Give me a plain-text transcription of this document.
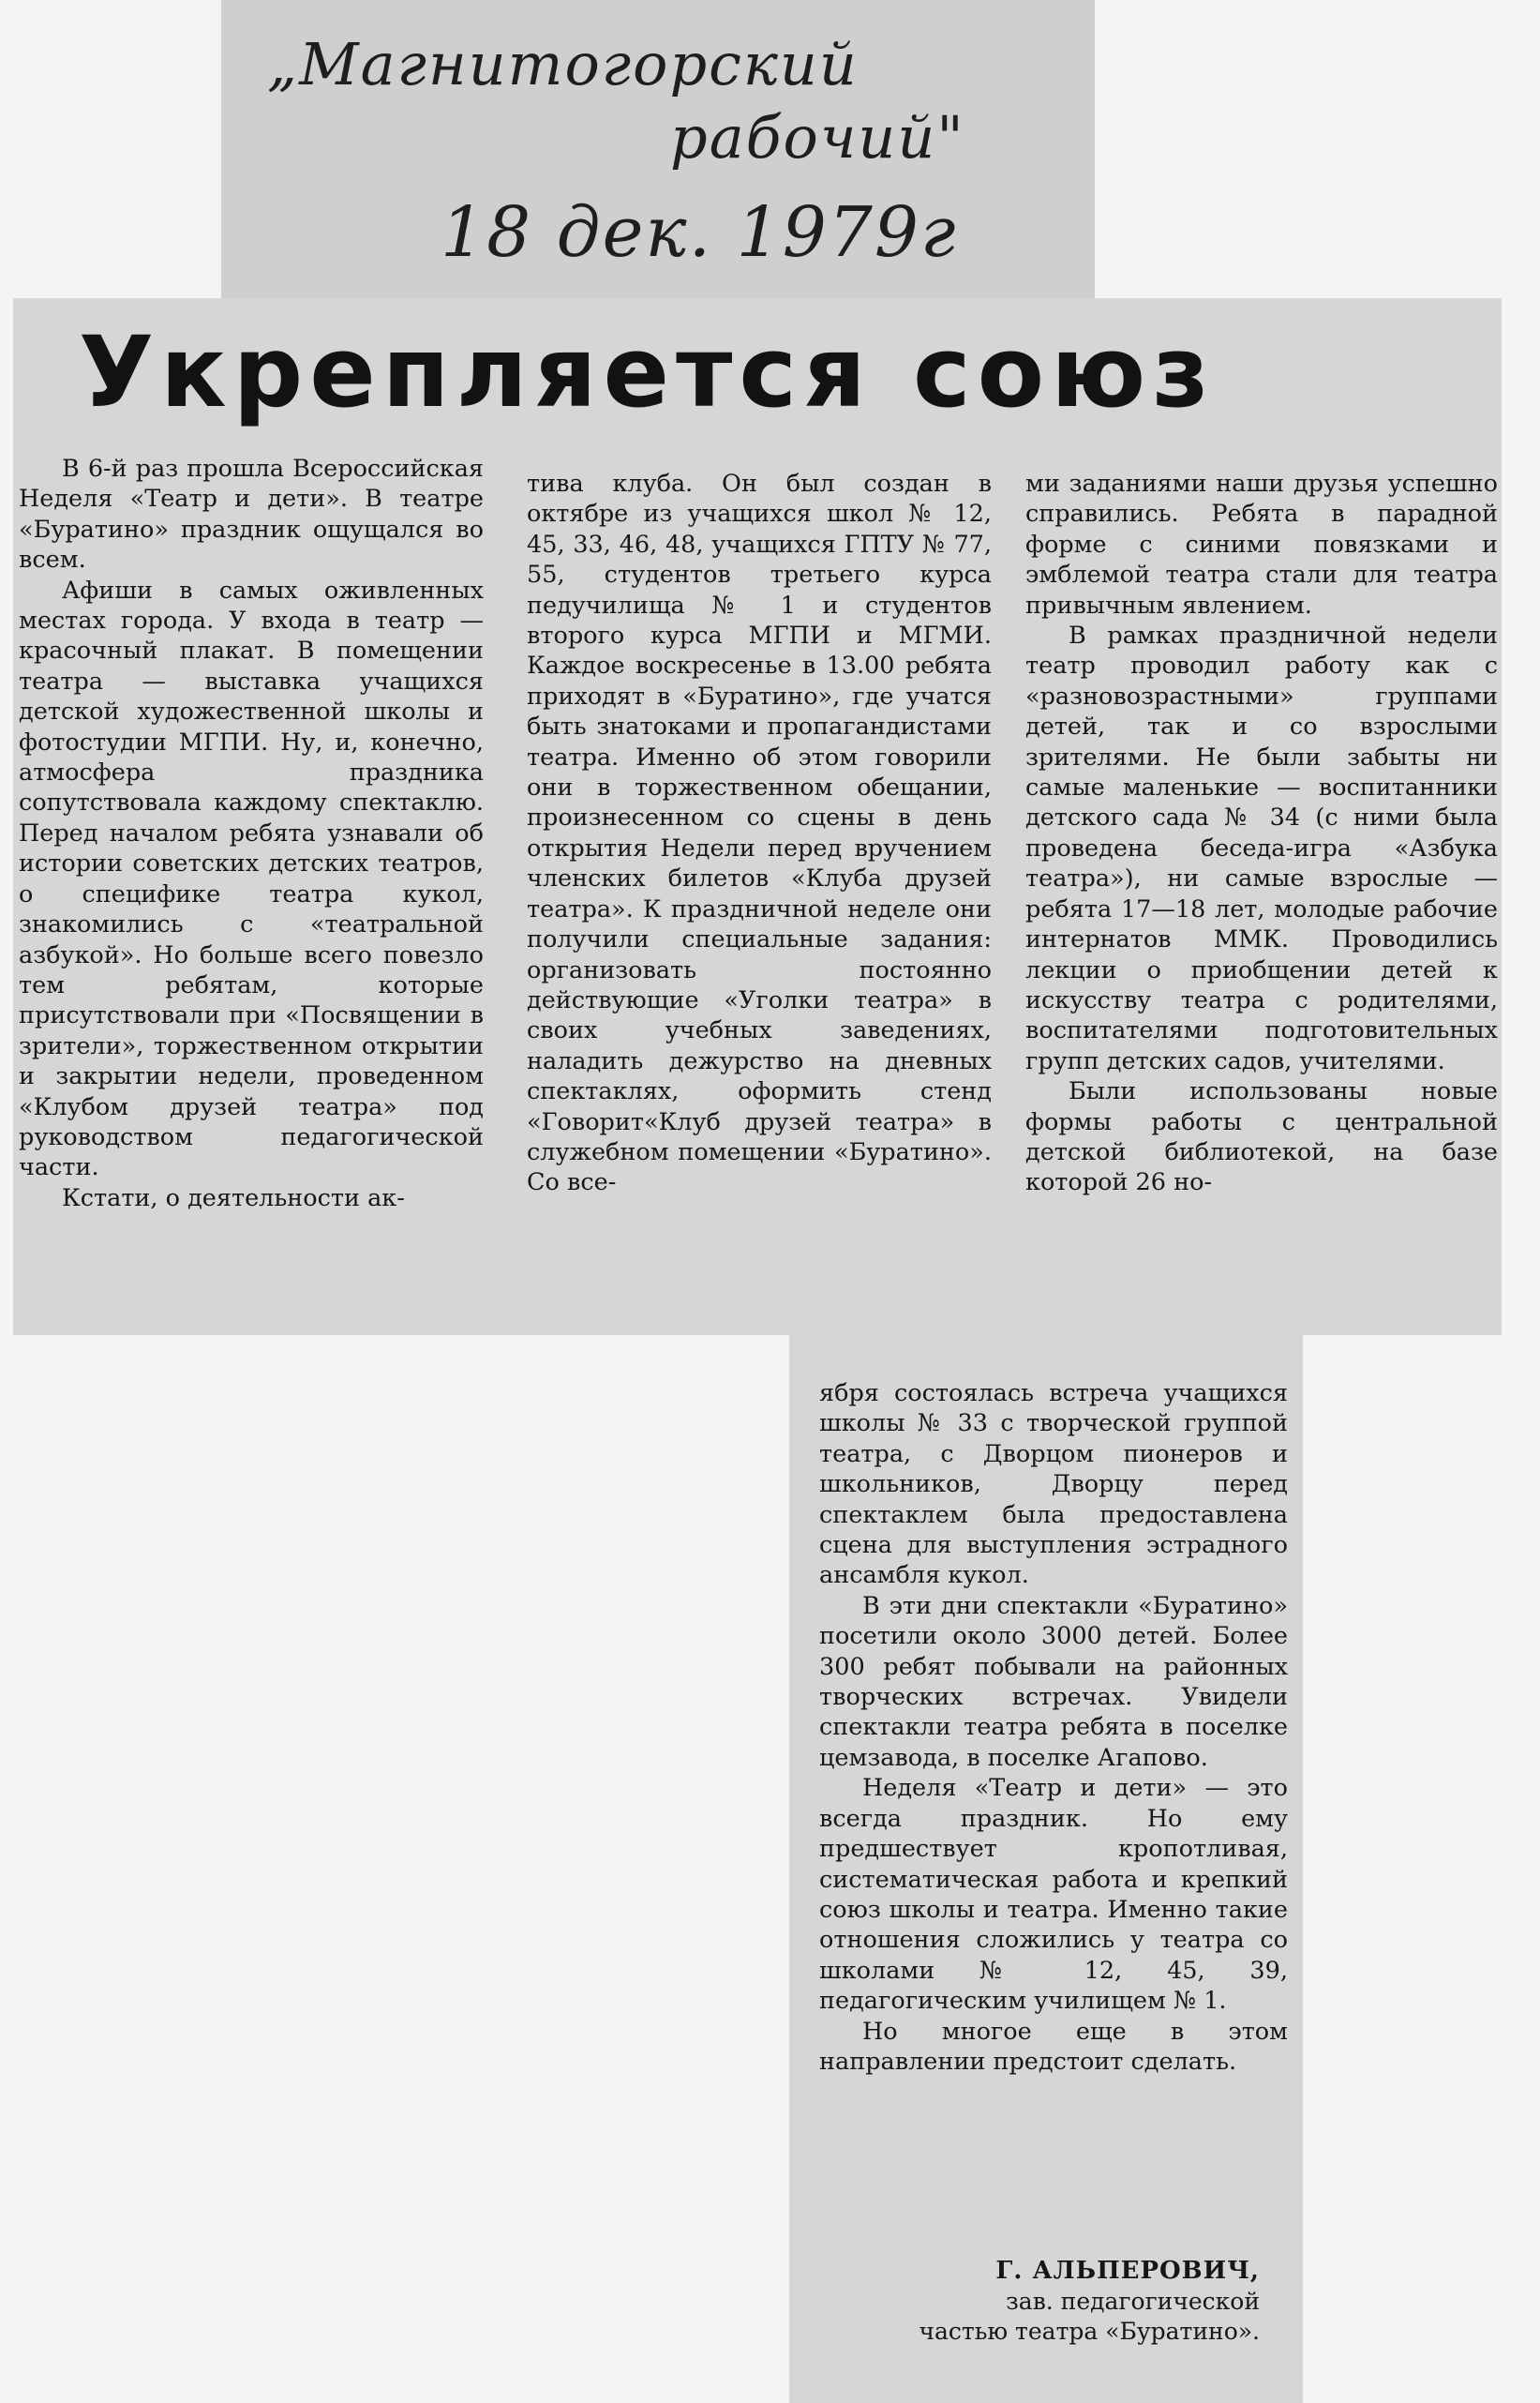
„Магнитогорский
рабочий"
18 дек. 1979г
Укрепляется союз

В 6-й раз прошла Всероссийская Неделя «Театр и дети». В театре «Буратино» праздник ощущался во всем.

Афиши в самых оживленных местах города. У входа в театр — красочный плакат. В помещении театра — выставка учащихся детской художественной школы и фотостудии МГПИ. Ну, и, конечно, атмосфера праздника сопутствовала каждому спектаклю. Перед началом ребята узнавали об истории советских детских театров, о специфике театра кукол, знакомились с «театральной азбукой». Но больше всего повезло тем ребятам, которые присутствовали при «Посвящении в зрители», торжественном открытии и закрытии недели, проведенном «Клубом друзей театра» под руководством педагогической части.

Кстати, о деятельности ак-

тива клуба. Он был создан в октябре из учащихся школ № 12, 45, 33, 46, 48, учащихся ГПТУ № 77, 55, студентов третьего курса педучилища № 1 и студентов второго курса МГПИ и МГМИ. Каждое воскресенье в 13.00 ребята приходят в «Буратино», где учатся быть знатоками и пропагандистами театра. Именно об этом говорили они в торжественном обещании, произнесенном со сцены в день открытия Недели перед вручением членских билетов «Клуба друзей театра». К праздничной неделе они получили специальные задания: организовать постоянно действующие «Уголки театра» в своих учебных заведениях, наладить дежурство на дневных спектаклях, оформить стенд «Говорит«Клуб друзей театра» в служебном помещении «Буратино». Со все-

ми заданиями наши друзья успешно справились. Ребята в парадной форме с синими повязками и эмблемой театра стали для театра привычным явлением.

В рамках праздничной недели театр проводил работу как с «разновозрастными» группами детей, так и со взрослыми зрителями. Не были забыты ни самые маленькие — воспитанники детского сада № 34 (с ними была проведена беседа-игра «Азбука театра»), ни самые взрослые — ребята 17—18 лет, молодые рабочие интернатов ММК. Проводились лекции о приобщении детей к искусству театра с родителями, воспитателями подготовительных групп детских садов, учителями.

Были использованы новые формы работы с центральной детской библиотекой, на базе которой 26 но-

ября состоялась встреча учащихся школы № 33 с творческой группой театра, с Дворцом пионеров и школьников, Дворцу перед спектаклем была предоставлена сцена для выступления эстрадного ансамбля кукол.

В эти дни спектакли «Буратино» посетили около 3000 детей. Более 300 ребят побывали на районных творческих встречах. Увидели спектакли театра ребята в поселке цемзавода, в поселке Агапово.

Неделя «Театр и дети» — это всегда праздник. Но ему предшествует кропотливая, систематическая работа и крепкий союз школы и театра. Именно такие отношения сложились у театра со школами № 12, 45, 39, педагогическим училищем № 1.

Но многое еще в этом направлении предстоит сделать.

Г. АЛЬПЕРОВИЧ,
зав. педагогической
частью театра «Буратино».
